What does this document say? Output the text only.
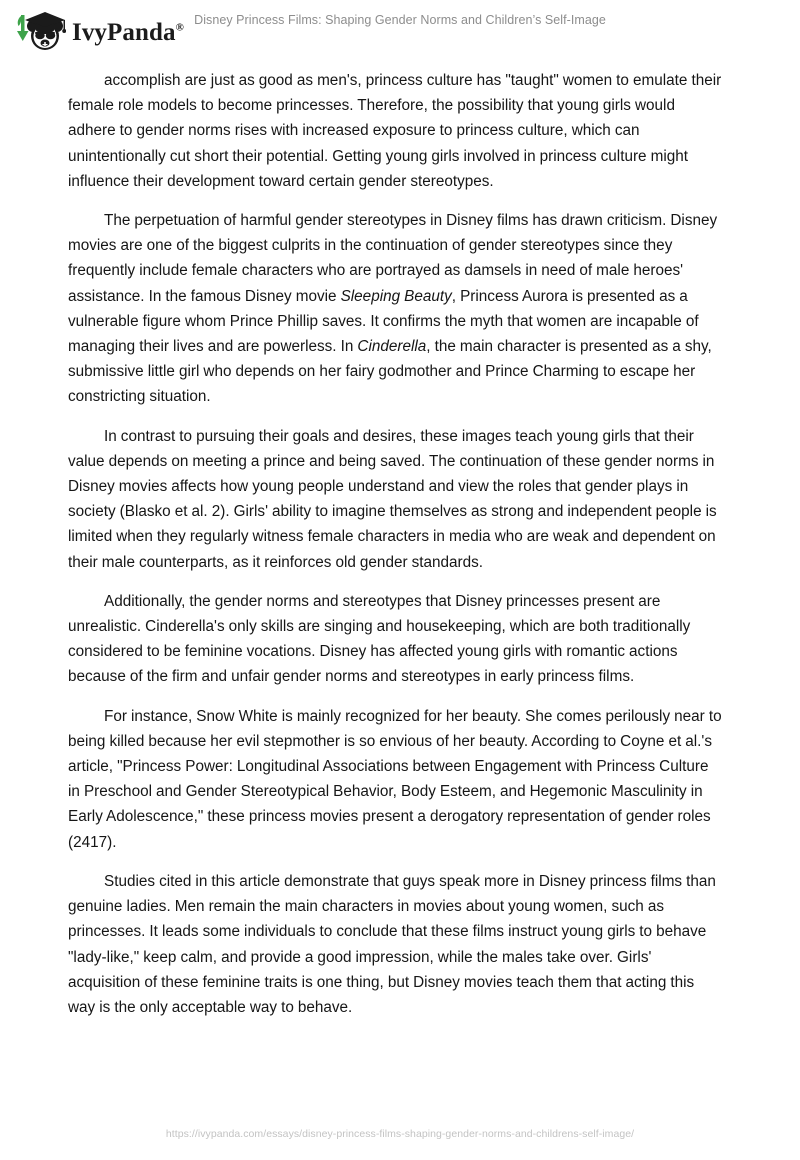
IvyPanda®
Disney Princess Films: Shaping Gender Norms and Children’s Self-Image

accomplish are just as good as men's, princess culture has "taught" women to emulate their female role models to become princesses. Therefore, the possibility that young girls would adhere to gender norms rises with increased exposure to princess culture, which can unintentionally cut short their potential. Getting young girls involved in princess culture might influence their development toward certain gender stereotypes.

The perpetuation of harmful gender stereotypes in Disney films has drawn criticism. Disney movies are one of the biggest culprits in the continuation of gender stereotypes since they frequently include female characters who are portrayed as damsels in need of male heroes' assistance. In the famous Disney movie Sleeping Beauty, Princess Aurora is presented as a vulnerable figure whom Prince Phillip saves. It confirms the myth that women are incapable of managing their lives and are powerless. In Cinderella, the main character is presented as a shy, submissive little girl who depends on her fairy godmother and Prince Charming to escape her constricting situation.

In contrast to pursuing their goals and desires, these images teach young girls that their value depends on meeting a prince and being saved. The continuation of these gender norms in Disney movies affects how young people understand and view the roles that gender plays in society (Blasko et al. 2). Girls' ability to imagine themselves as strong and independent people is limited when they regularly witness female characters in media who are weak and dependent on their male counterparts, as it reinforces old gender standards.

Additionally, the gender norms and stereotypes that Disney princesses present are unrealistic. Cinderella's only skills are singing and housekeeping, which are both traditionally considered to be feminine vocations. Disney has affected young girls with romantic actions because of the firm and unfair gender norms and stereotypes in early princess films.

For instance, Snow White is mainly recognized for her beauty. She comes perilously near to being killed because her evil stepmother is so envious of her beauty. According to Coyne et al.'s article, "Princess Power: Longitudinal Associations between Engagement with Princess Culture in Preschool and Gender Stereotypical Behavior, Body Esteem, and Hegemonic Masculinity in Early Adolescence," these princess movies present a derogatory representation of gender roles (2417).

Studies cited in this article demonstrate that guys speak more in Disney princess films than genuine ladies. Men remain the main characters in movies about young women, such as princesses. It leads some individuals to conclude that these films instruct young girls to behave "lady-like," keep calm, and provide a good impression, while the males take over. Girls' acquisition of these feminine traits is one thing, but Disney movies teach them that acting this way is the only acceptable way to behave.

https://ivypanda.com/essays/disney-princess-films-shaping-gender-norms-and-childrens-self-image/
